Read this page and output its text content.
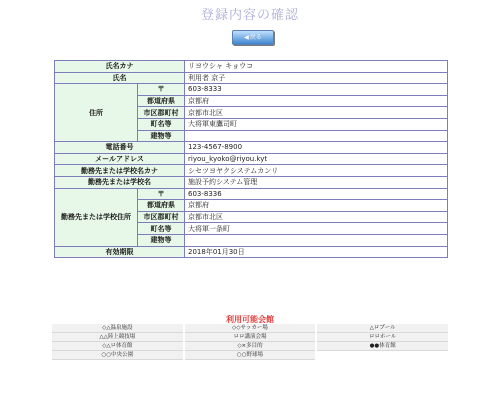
登録内容の確認
◀戻る
氏名カナ		リヨウシャ キョウコ
氏名		利用者 京子
住所	〒	603-8333
	都道府県	京都府
	市区郡町村	京都市北区
	町名等	大将軍東鷹司町
	建物等	
電話番号		123-4567-8900
メールアドレス		riyou_kyoko@riyou.kyt
勤務先または学校名カナ		シセツヨヤクシステムカンリ
勤務先または学校名		施設予約システム管理
勤務先または学校住所	〒	603-8336
	都道府県	京都府
	市区郡町村	京都市北区
	町名等	大将軍一条町
	建物等	
有効期限		2018年01月30日
利用可能会館
◇△温泉施設	◇◇サッカー場	△ロプール
△△陸上競技場	ロロ講演会場	ロロホール
◇△ロ体育館	◇×多目的	●●体育館
○○中央公園	○○野球場	
